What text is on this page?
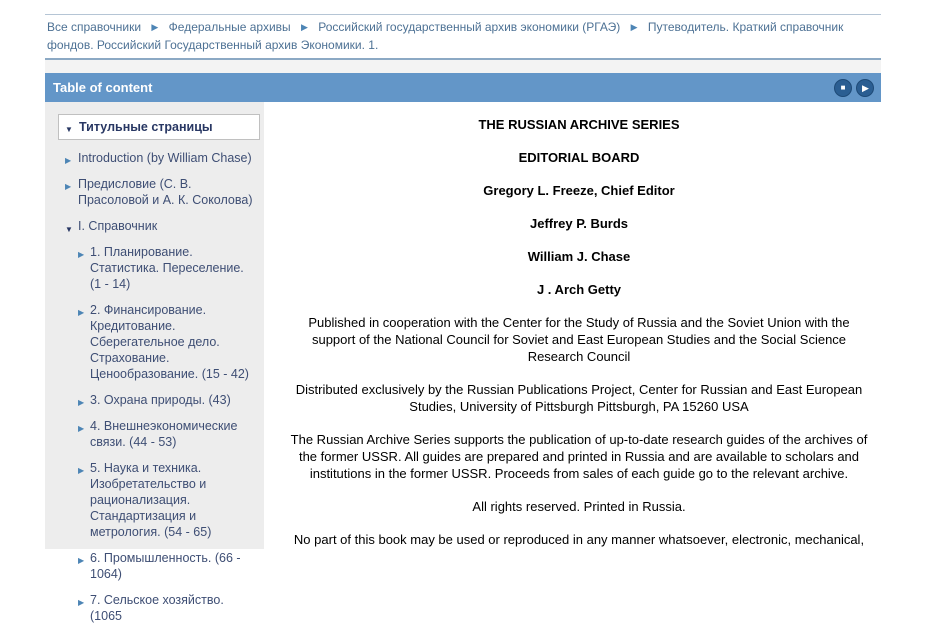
Все справочники ▶ Федеральные архивы ▶ Российский государственный архив экономики (РГАЭ) ▶ Путеводитель. Краткий справочник фондов. Российский Государственный архив Экономики. 1.
Table of content	■ ▶
▼ Титульные страницы
▶ Introduction (by William Chase)
▶ Предисловие (С. В. Прасоловой и А. К. Соколова)
▼ I. Справочник
▶ 1. Планирование. Статистика. Переселение. (1 - 14)
▶ 2. Финансирование. Кредитование. Сберегательное дело. Страхование. Ценообразование. (15 - 42)
▶ 3. Охрана природы. (43)
▶ 4. Внешнеэкономические связи. (44 - 53)
▶ 5. Наука и техника. Изобретательство и рационализация. Стандартизация и метрология. (54 - 65)
▶ 6. Промышленность. (66 - 1064)
▶ 7. Сельское хозяйство. (1065

THE RUSSIAN ARCHIVE SERIES

EDITORIAL BOARD

Gregory L. Freeze, Chief Editor

Jeffrey P. Burds

William J. Chase

J . Arch Getty

Published in cooperation with the Center for the Study of Russia and the Soviet Union with the support of the National Council for Soviet and East European Studies and the Social Science Research Council

Distributed exclusively by the Russian Publications Project, Center for Russian and East European Studies, University of Pittsburgh Pittsburgh, PA 15260 USA

The Russian Archive Series supports the publication of up-to-date research guides of the archives of the former USSR. All guides are prepared and printed in Russia and are available to scholars and institutions in the former USSR. Proceeds from sales of each guide go to the relevant archive.

All rights reserved. Printed in Russia.

No part of this book may be used or reproduced in any manner whatsoever, electronic, mechanical,
